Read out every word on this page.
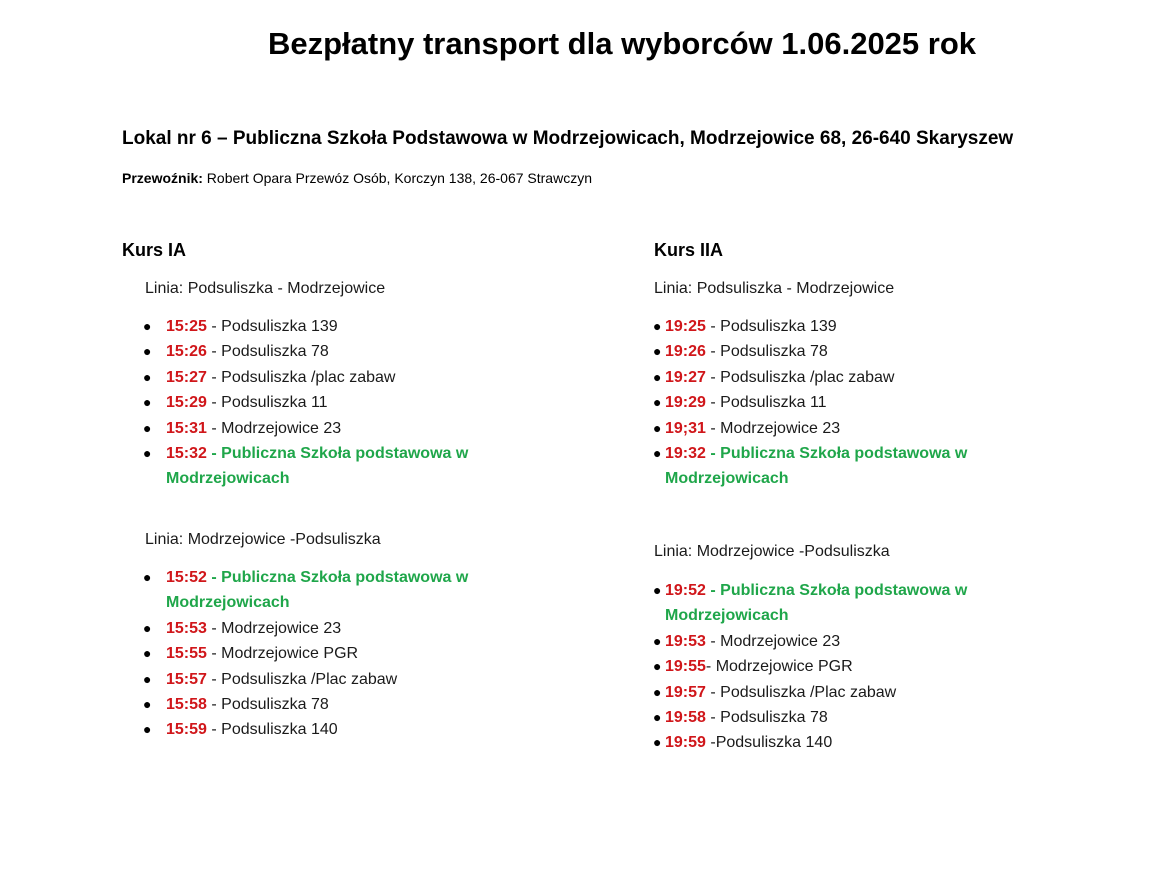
Bezpłatny transport dla wyborców 1.06.2025 rok
Lokal nr 6 – Publiczna Szkoła Podstawowa w Modrzejowicach, Modrzejowice 68, 26-640 Skaryszew
Przewoźnik: Robert Opara Przewóz Osób, Korczyn 138, 26-067 Strawczyn
Kurs IA
Linia: Podsuliszka - Modrzejowice
● 15:25 - Podsuliszka 139
● 15:26 - Podsuliszka 78
● 15:27 - Podsuliszka /plac zabaw
● 15:29 - Podsuliszka 11
● 15:31 - Modrzejowice 23
● 15:32 - Publiczna Szkoła podstawowa w Modrzejowicach
Linia: Modrzejowice -Podsuliszka
● 15:52 - Publiczna Szkoła podstawowa w Modrzejowicach
● 15:53 - Modrzejowice 23
● 15:55 - Modrzejowice PGR
● 15:57 - Podsuliszka /Plac zabaw
● 15:58 - Podsuliszka 78
● 15:59 - Podsuliszka 140
Kurs IIA
Linia: Podsuliszka - Modrzejowice
● 19:25 - Podsuliszka 139
● 19:26 - Podsuliszka 78
● 19:27 - Podsuliszka /plac zabaw
● 19:29 - Podsuliszka 11
● 19;31 - Modrzejowice 23
● 19:32 - Publiczna Szkoła podstawowa w Modrzejowicach
Linia: Modrzejowice -Podsuliszka
● 19:52 - Publiczna Szkoła podstawowa w Modrzejowicach
● 19:53 - Modrzejowice 23
● 19:55- Modrzejowice PGR
● 19:57 - Podsuliszka /Plac zabaw
● 19:58 - Podsuliszka 78
● 19:59 -Podsuliszka 140
